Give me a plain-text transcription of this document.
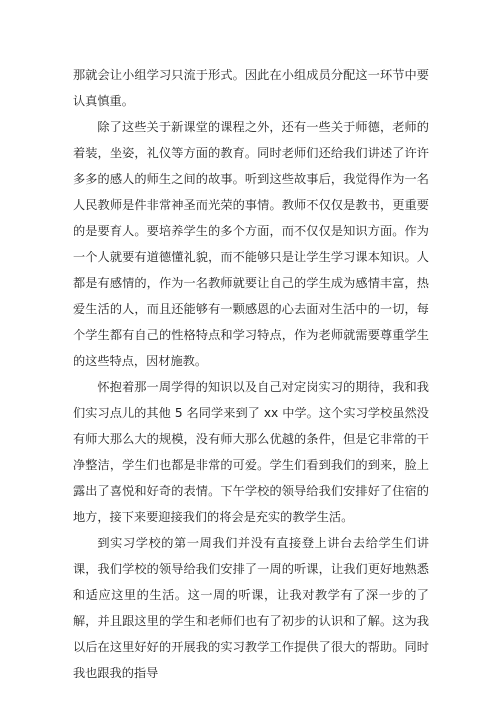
那就会让小组学习只流于形式。因此在小组成员分配这一环节中要认真慎重。

除了这些关于新课堂的课程之外，还有一些关于师德，老师的着装，坐姿，礼仪等方面的教育。同时老师们还给我们讲述了许许多多的感人的师生之间的故事。听到这些故事后，我觉得作为一名人民教师是件非常神圣而光荣的事情。教师不仅仅是教书，更重要的是要育人。要培养学生的多个方面，而不仅仅是知识方面。作为一个人就要有道德懂礼貌，而不能够只是让学生学习课本知识。人都是有感情的，作为一名教师就要让自己的学生成为感情丰富，热爱生活的人，而且还能够有一颗感恩的心去面对生活中的一切，每个学生都有自己的性格特点和学习特点，作为老师就需要尊重学生的这些特点，因材施教。

怀抱着那一周学得的知识以及自己对定岗实习的期待，我和我们实习点儿的其他 5 名同学来到了 xx 中学。这个实习学校虽然没有师大那么大的规模，没有师大那么优越的条件，但是它非常的干净整洁，学生们也都是非常的可爱。学生们看到我们的到来，脸上露出了喜悦和好奇的表情。下午学校的领导给我们安排好了住宿的地方，接下来要迎接我们的将会是充实的教学生活。

到实习学校的第一周我们并没有直接登上讲台去给学生们讲课，我们学校的领导给我们安排了一周的听课，让我们更好地熟悉和适应这里的生活。这一周的听课，让我对教学有了深一步的了解，并且跟这里的学生和老师们也有了初步的认识和了解。这为我以后在这里好好的开展我的实习教学工作提供了很大的帮助。同时我也跟我的指导
